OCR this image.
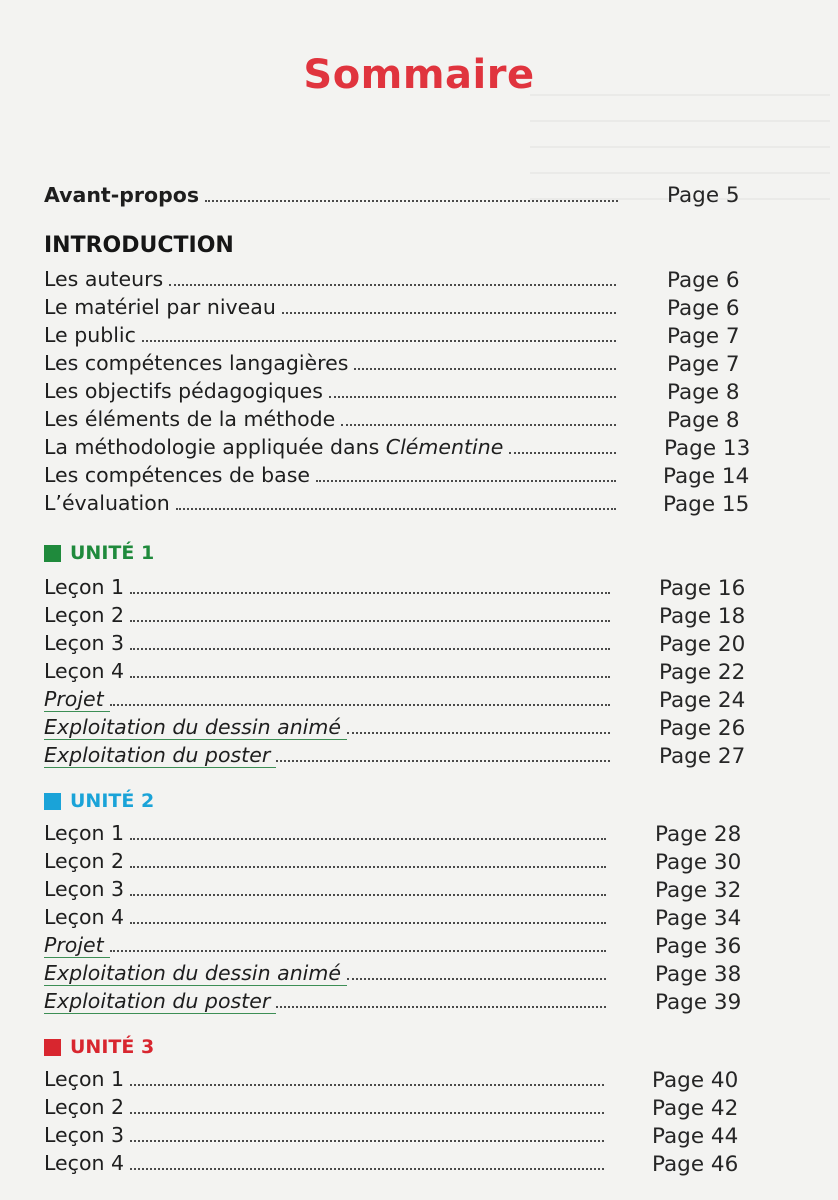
Sommaire
Avant-propos	Page 5
INTRODUCTION
Les auteurs	Page 6
Le matériel par niveau	Page 6
Le public	Page 7
Les compétences langagières	Page 7
Les objectifs pédagogiques	Page 8
Les éléments de la méthode	Page 8
La méthodologie appliquée dans Clémentine	Page 13
Les compétences de base	Page 14
L’évaluation	Page 15
UNITÉ 1
Leçon 1	Page 16
Leçon 2	Page 18
Leçon 3	Page 20
Leçon 4	Page 22
Projet	Page 24
Exploitation du dessin animé	Page 26
Exploitation du poster	Page 27
UNITÉ 2
Leçon 1	Page 28
Leçon 2	Page 30
Leçon 3	Page 32
Leçon 4	Page 34
Projet	Page 36
Exploitation du dessin animé	Page 38
Exploitation du poster	Page 39
UNITÉ 3
Leçon 1	Page 40
Leçon 2	Page 42
Leçon 3	Page 44
Leçon 4	Page 46
